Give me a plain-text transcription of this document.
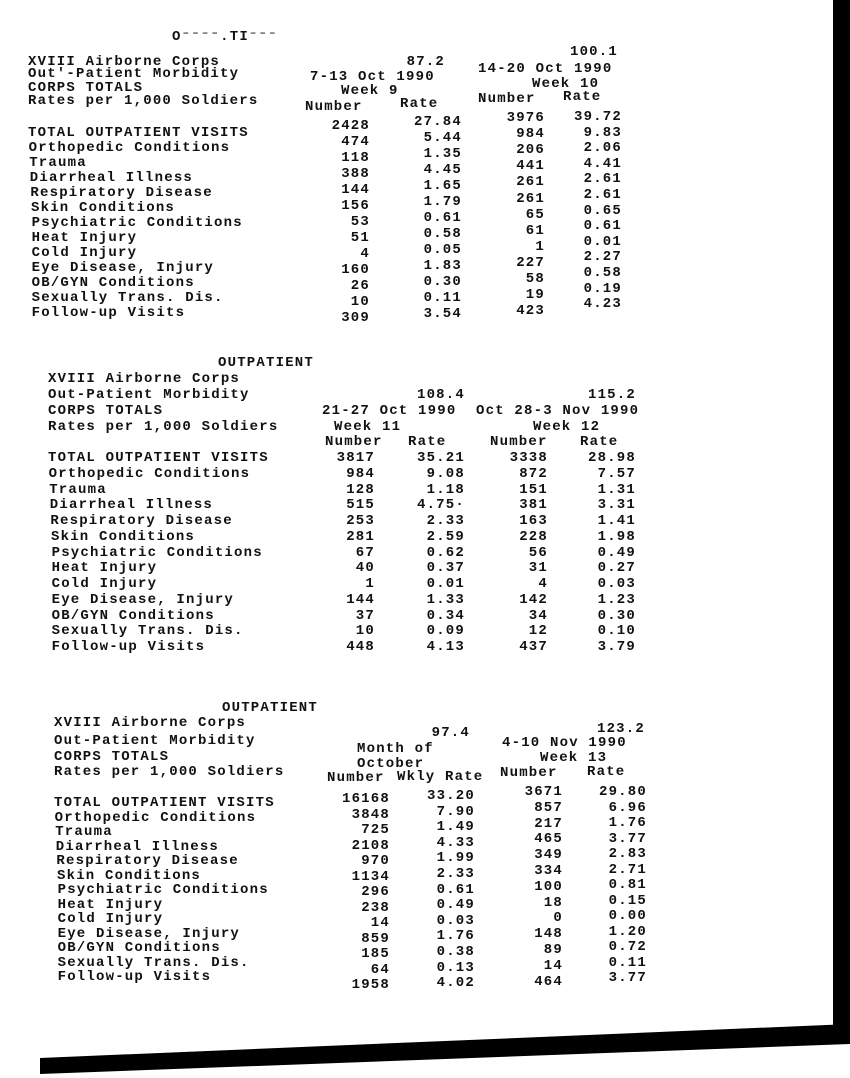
O⁻⁻⁻⁻.TI⁻⁻⁻
XVIII Airborne Corps
Out'-Patient Morbidity
CORPS TOTALS
Rates per 1,000 Soldiers
87.2
7-13 Oct 1990
Week 9
Number	Rate
100.1
14-20 Oct 1990
Week 10
Number Rate
TOTAL OUTPATIENT VISITS	2428	27.84	3976 39.72
Orthopedic Conditions	474	5.44	984	9.83
Trauma	118	1.35	206	2.06
Diarrheal Illness	388	4.45	441	4.41
Respiratory Disease	144	1.65	261	2.61
Skin Conditions	156	1.79	261	2.61
Psychiatric Conditions	53	0.61	65	0.65
Heat Injury	51	0.58	61	0.61
Cold Injury	4	0.05	1	0.01
Eye Disease, Injury	160	1.83	227	2.27
OB/GYN Conditions	26	0.30	58	0.58
Sexually Trans. Dis.	10	0.11	19	0.19
Follow-up Visits	309	3.54	423	4.23
OUTPATIENT
XVIII Airborne Corps
Out-Patient Morbidity
CORPS TOTALS
Rates per 1,000 Soldiers
108.4
21-27 Oct 1990
Week 11
Number Rate
115.2
Oct 28-3 Nov 1990
Week 12
Number Rate
TOTAL OUTPATIENT VISITS	3817	35.21	3338	28.98
Orthopedic Conditions	984	9.08	872	7.57
Trauma	128	1.18	151	1.31
Diarrheal Illness	515	4.75·	381	3.31
Respiratory Disease	253	2.33	163	1.41
Skin Conditions	281	2.59	228	1.98
Psychiatric Conditions	67	0.62	56	0.49
Heat Injury	40	0.37	31	0.27
Cold Injury	1	0.01	4	0.03
Eye Disease, Injury	144	1.33	142	1.23
OB/GYN Conditions	37	0.34	34	0.30
Sexually Trans. Dis.	10	0.09	12	0.10
Follow-up Visits	448	4.13	437	3.79
OUTPATIENT
XVIII Airborne Corps
Out-Patient Morbidity
CORPS TOTALS
Rates per 1,000 Soldiers
97.4
Month of
October
Number Wkly Rate
123.2
4-10 Nov 1990
Week 13
Number Rate
TOTAL OUTPATIENT VISITS	16168	33.20	3671	29.80
Orthopedic Conditions	3848	7.90	857	6.96
Trauma	725	1.49	217	1.76
Diarrheal Illness	2108	4.33	465	3.77
Respiratory Disease	970	1.99	349	2.83
Skin Conditions	1134	2.33	334	2.71
Psychiatric Conditions	296	0.61	100	0.81
Heat Injury	238	0.49	18	0.15
Cold Injury	14	0.03	0	0.00
Eye Disease, Injury	859	1.76	148	1.20
OB/GYN Conditions	185	0.38	89	0.72
Sexually Trans. Dis.	64	0.13	14	0.11
Follow-up Visits	1958	4.02	464	3.77
